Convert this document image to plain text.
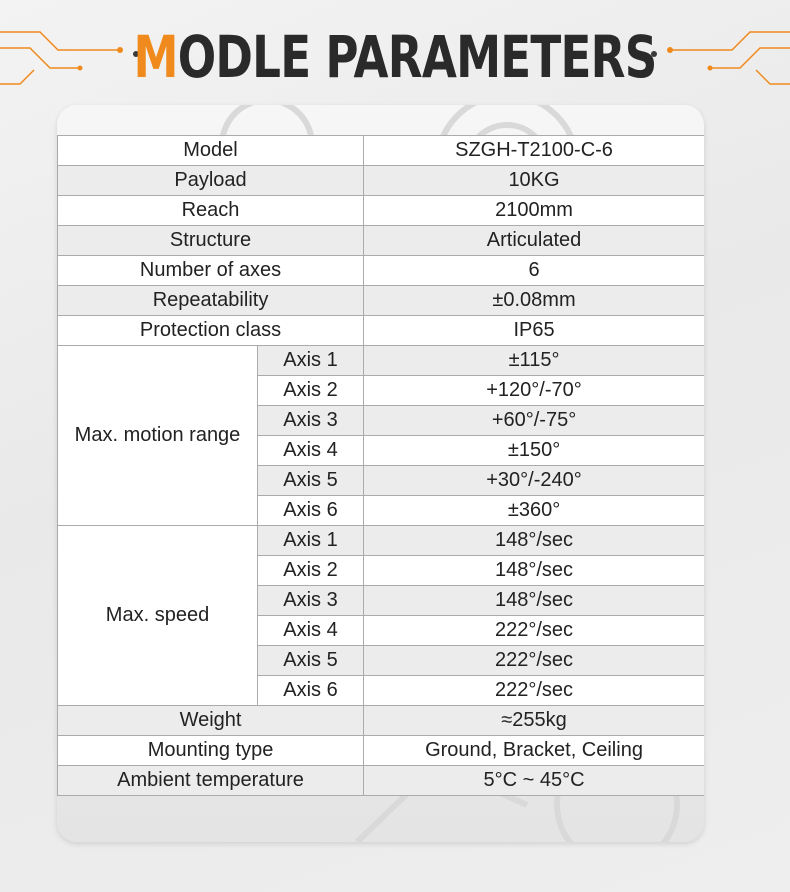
MODLE PARAMETERS
Model		SZGH-T2100-C-6
Payload		10KG
Reach		2100mm
Structure		Articulated
Number of axes		6
Repeatability		±0.08mm
Protection class		IP65
Max. motion range	Axis 1	±115°
	Axis 2	+120°/-70°
	Axis 3	+60°/-75°
	Axis 4	±150°
	Axis 5	+30°/-240°
	Axis 6	±360°
Max. speed	Axis 1	148°/sec
	Axis 2	148°/sec
	Axis 3	148°/sec
	Axis 4	222°/sec
	Axis 5	222°/sec
	Axis 6	222°/sec
Weight		≈255kg
Mounting type		Ground, Bracket, Ceiling
Ambient temperature		5°C ~ 45°C
